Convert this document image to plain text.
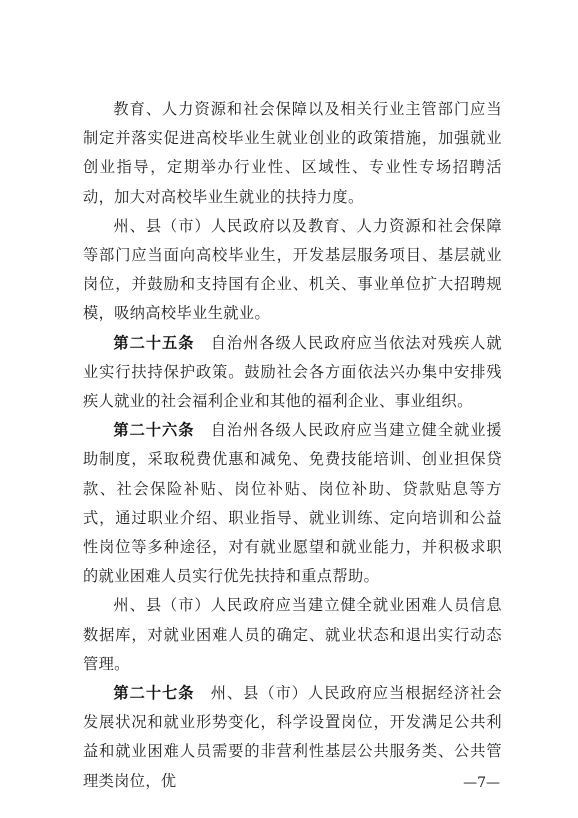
教育、人力资源和社会保障以及相关行业主管部门应当制定并落实促进高校毕业生就业创业的政策措施，加强就业创业指导，定期举办行业性、区域性、专业性专场招聘活动，加大对高校毕业生就业的扶持力度。

州、县（市）人民政府以及教育、人力资源和社会保障等部门应当面向高校毕业生，开发基层服务项目、基层就业岗位，并鼓励和支持国有企业、机关、事业单位扩大招聘规模，吸纳高校毕业生就业。

第二十五条　自治州各级人民政府应当依法对残疾人就业实行扶持保护政策。鼓励社会各方面依法兴办集中安排残疾人就业的社会福利企业和其他的福利企业、事业组织。

第二十六条　自治州各级人民政府应当建立健全就业援助制度，采取税费优惠和减免、免费技能培训、创业担保贷款、社会保险补贴、岗位补贴、岗位补助、贷款贴息等方式，通过职业介绍、职业指导、就业训练、定向培训和公益性岗位等多种途径，对有就业愿望和就业能力，并积极求职的就业困难人员实行优先扶持和重点帮助。

州、县（市）人民政府应当建立健全就业困难人员信息数据库，对就业困难人员的确定、就业状态和退出实行动态管理。

第二十七条　州、县（市）人民政府应当根据经济社会发展状况和就业形势变化，科学设置岗位，开发满足公共利益和就业困难人员需要的非营利性基层公共服务类、公共管理类岗位，优	—7—
